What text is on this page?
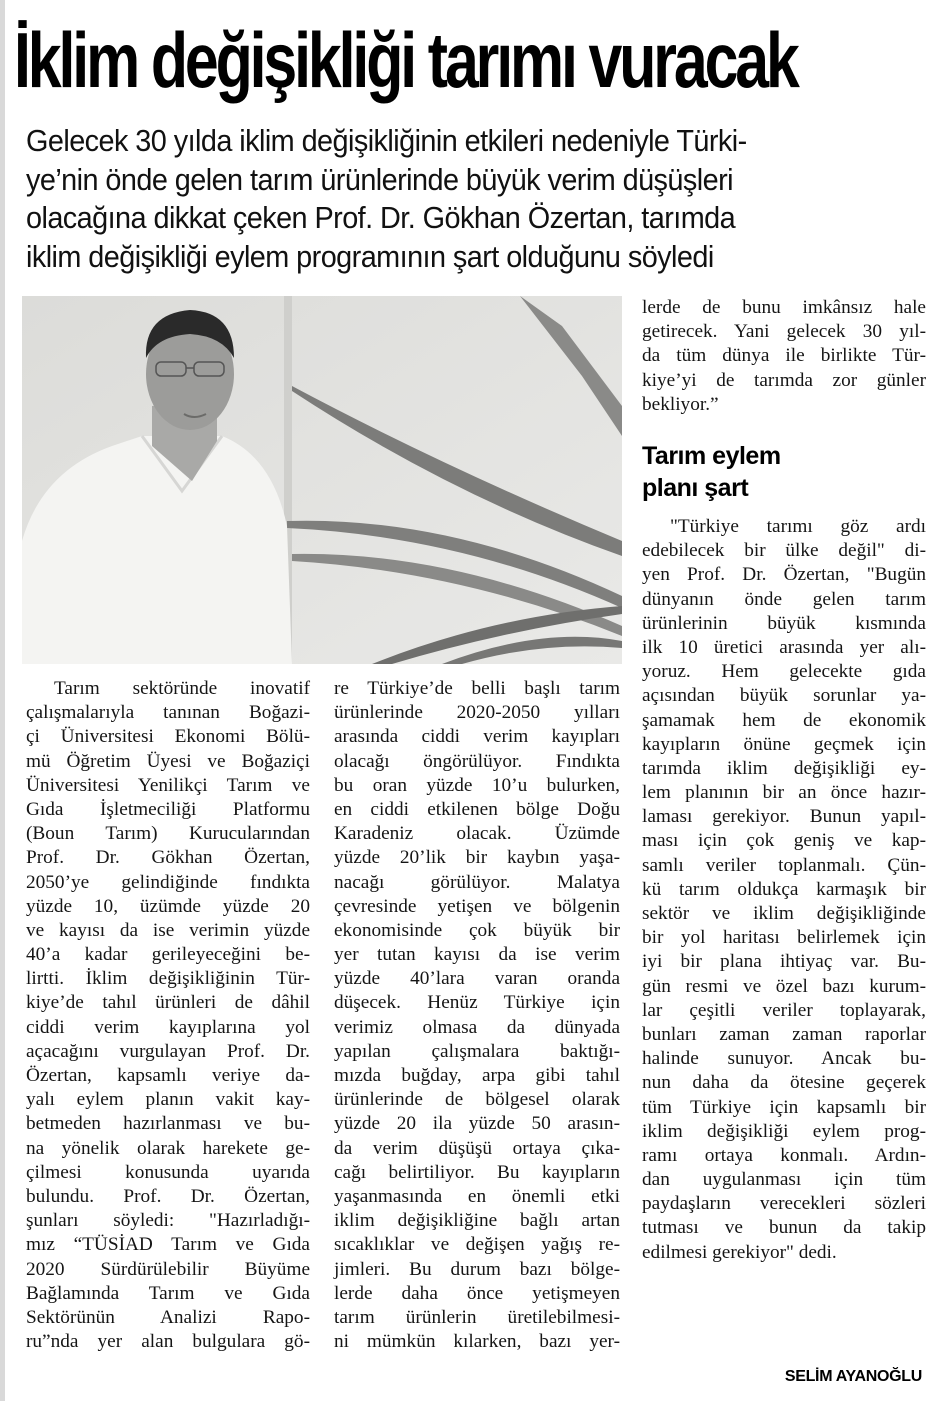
İklim değişikliği tarımı vuracak
Gelecek 30 yılda iklim değişikliğinin etkileri nedeniyle Türki-
ye’nin önde gelen tarım ürünlerinde büyük verim düşüşleri
olacağına dikkat çeken Prof. Dr. Gökhan Özertan, tarımda
iklim değişikliği eylem programının şart olduğunu söyledi
Tarım sektöründe inovatif
çalışmalarıyla tanınan Boğazi-
çi Üniversitesi Ekonomi Bölü-
mü Öğretim Üyesi ve Boğaziçi
Üniversitesi Yenilikçi Tarım ve
Gıda İşletmeciliği Platformu
(Boun Tarım) Kurucularından
Prof. Dr. Gökhan Özertan,
2050’ye gelindiğinde fındıkta
yüzde 10, üzümde yüzde 20
ve kayısı da ise verimin yüzde
40’a kadar gerileyeceğini be-
lirtti. İklim değişikliğinin Tür-
kiye’de tahıl ürünleri de dâhil
ciddi verim kayıplarına yol
açacağını vurgulayan Prof. Dr.
Özertan, kapsamlı veriye da-
yalı eylem planın vakit kay-
betmeden hazırlanması ve bu-
na yönelik olarak harekete ge-
çilmesi konusunda uyarıda
bulundu. Prof. Dr. Özertan,
şunları söyledi: "Hazırladığı-
mız “TÜSİAD Tarım ve Gıda
2020 Sürdürülebilir Büyüme
Bağlamında Tarım ve Gıda
Sektörünün Analizi Rapo-
ru”nda yer alan bulgulara gö-
re Türkiye’de belli başlı tarım
ürünlerinde 2020-2050 yılları
arasında ciddi verim kayıpları
olacağı öngörülüyor. Fındıkta
bu oran yüzde 10’u bulurken,
en ciddi etkilenen bölge Doğu
Karadeniz olacak. Üzümde
yüzde 20’lik bir kaybın yaşa-
nacağı görülüyor. Malatya
çevresinde yetişen ve bölgenin
ekonomisinde çok büyük bir
yer tutan kayısı da ise verim
yüzde 40’lara varan oranda
düşecek. Henüz Türkiye için
verimiz olmasa da dünyada
yapılan çalışmalara baktığı-
mızda buğday, arpa gibi tahıl
ürünlerinde de bölgesel olarak
yüzde 20 ila yüzde 50 arasın-
da verim düşüşü ortaya çıka-
cağı belirtiliyor. Bu kayıpların
yaşanmasında en önemli etki
iklim değişikliğine bağlı artan
sıcaklıklar ve değişen yağış re-
jimleri. Bu durum bazı bölge-
lerde daha önce yetişmeyen
tarım ürünlerin üretilebilmesi-
ni mümkün kılarken, bazı yer-
lerde de bunu imkânsız hale
getirecek. Yani gelecek 30 yıl-
da tüm dünya ile birlikte Tür-
kiye’yi de tarımda zor günler
bekliyor.”
Tarım eylem
planı şart
"Türkiye tarımı göz ardı
edebilecek bir ülke değil" di-
yen Prof. Dr. Özertan, "Bugün
dünyanın önde gelen tarım
ürünlerinin büyük kısmında
ilk 10 üretici arasında yer alı-
yoruz. Hem gelecekte gıda
açısından büyük sorunlar ya-
şamamak hem de ekonomik
kayıpların önüne geçmek için
tarımda iklim değişikliği ey-
lem planının bir an önce hazır-
laması gerekiyor. Bunun yapıl-
ması için çok geniş ve kap-
samlı veriler toplanmalı. Çün-
kü tarım oldukça karmaşık bir
sektör ve iklim değişikliğinde
bir yol haritası belirlemek için
iyi bir plana ihtiyaç var. Bu-
gün resmi ve özel bazı kurum-
lar çeşitli veriler toplayarak,
bunları zaman zaman raporlar
halinde sunuyor. Ancak bu-
nun daha da ötesine geçerek
tüm Türkiye için kapsamlı bir
iklim değişikliği eylem prog-
ramı ortaya konmalı. Ardın-
dan uygulanması için tüm
paydaşların verecekleri sözleri
tutması ve bunun da takip
edilmesi gerekiyor" dedi.
SELİM AYANOĞLU
